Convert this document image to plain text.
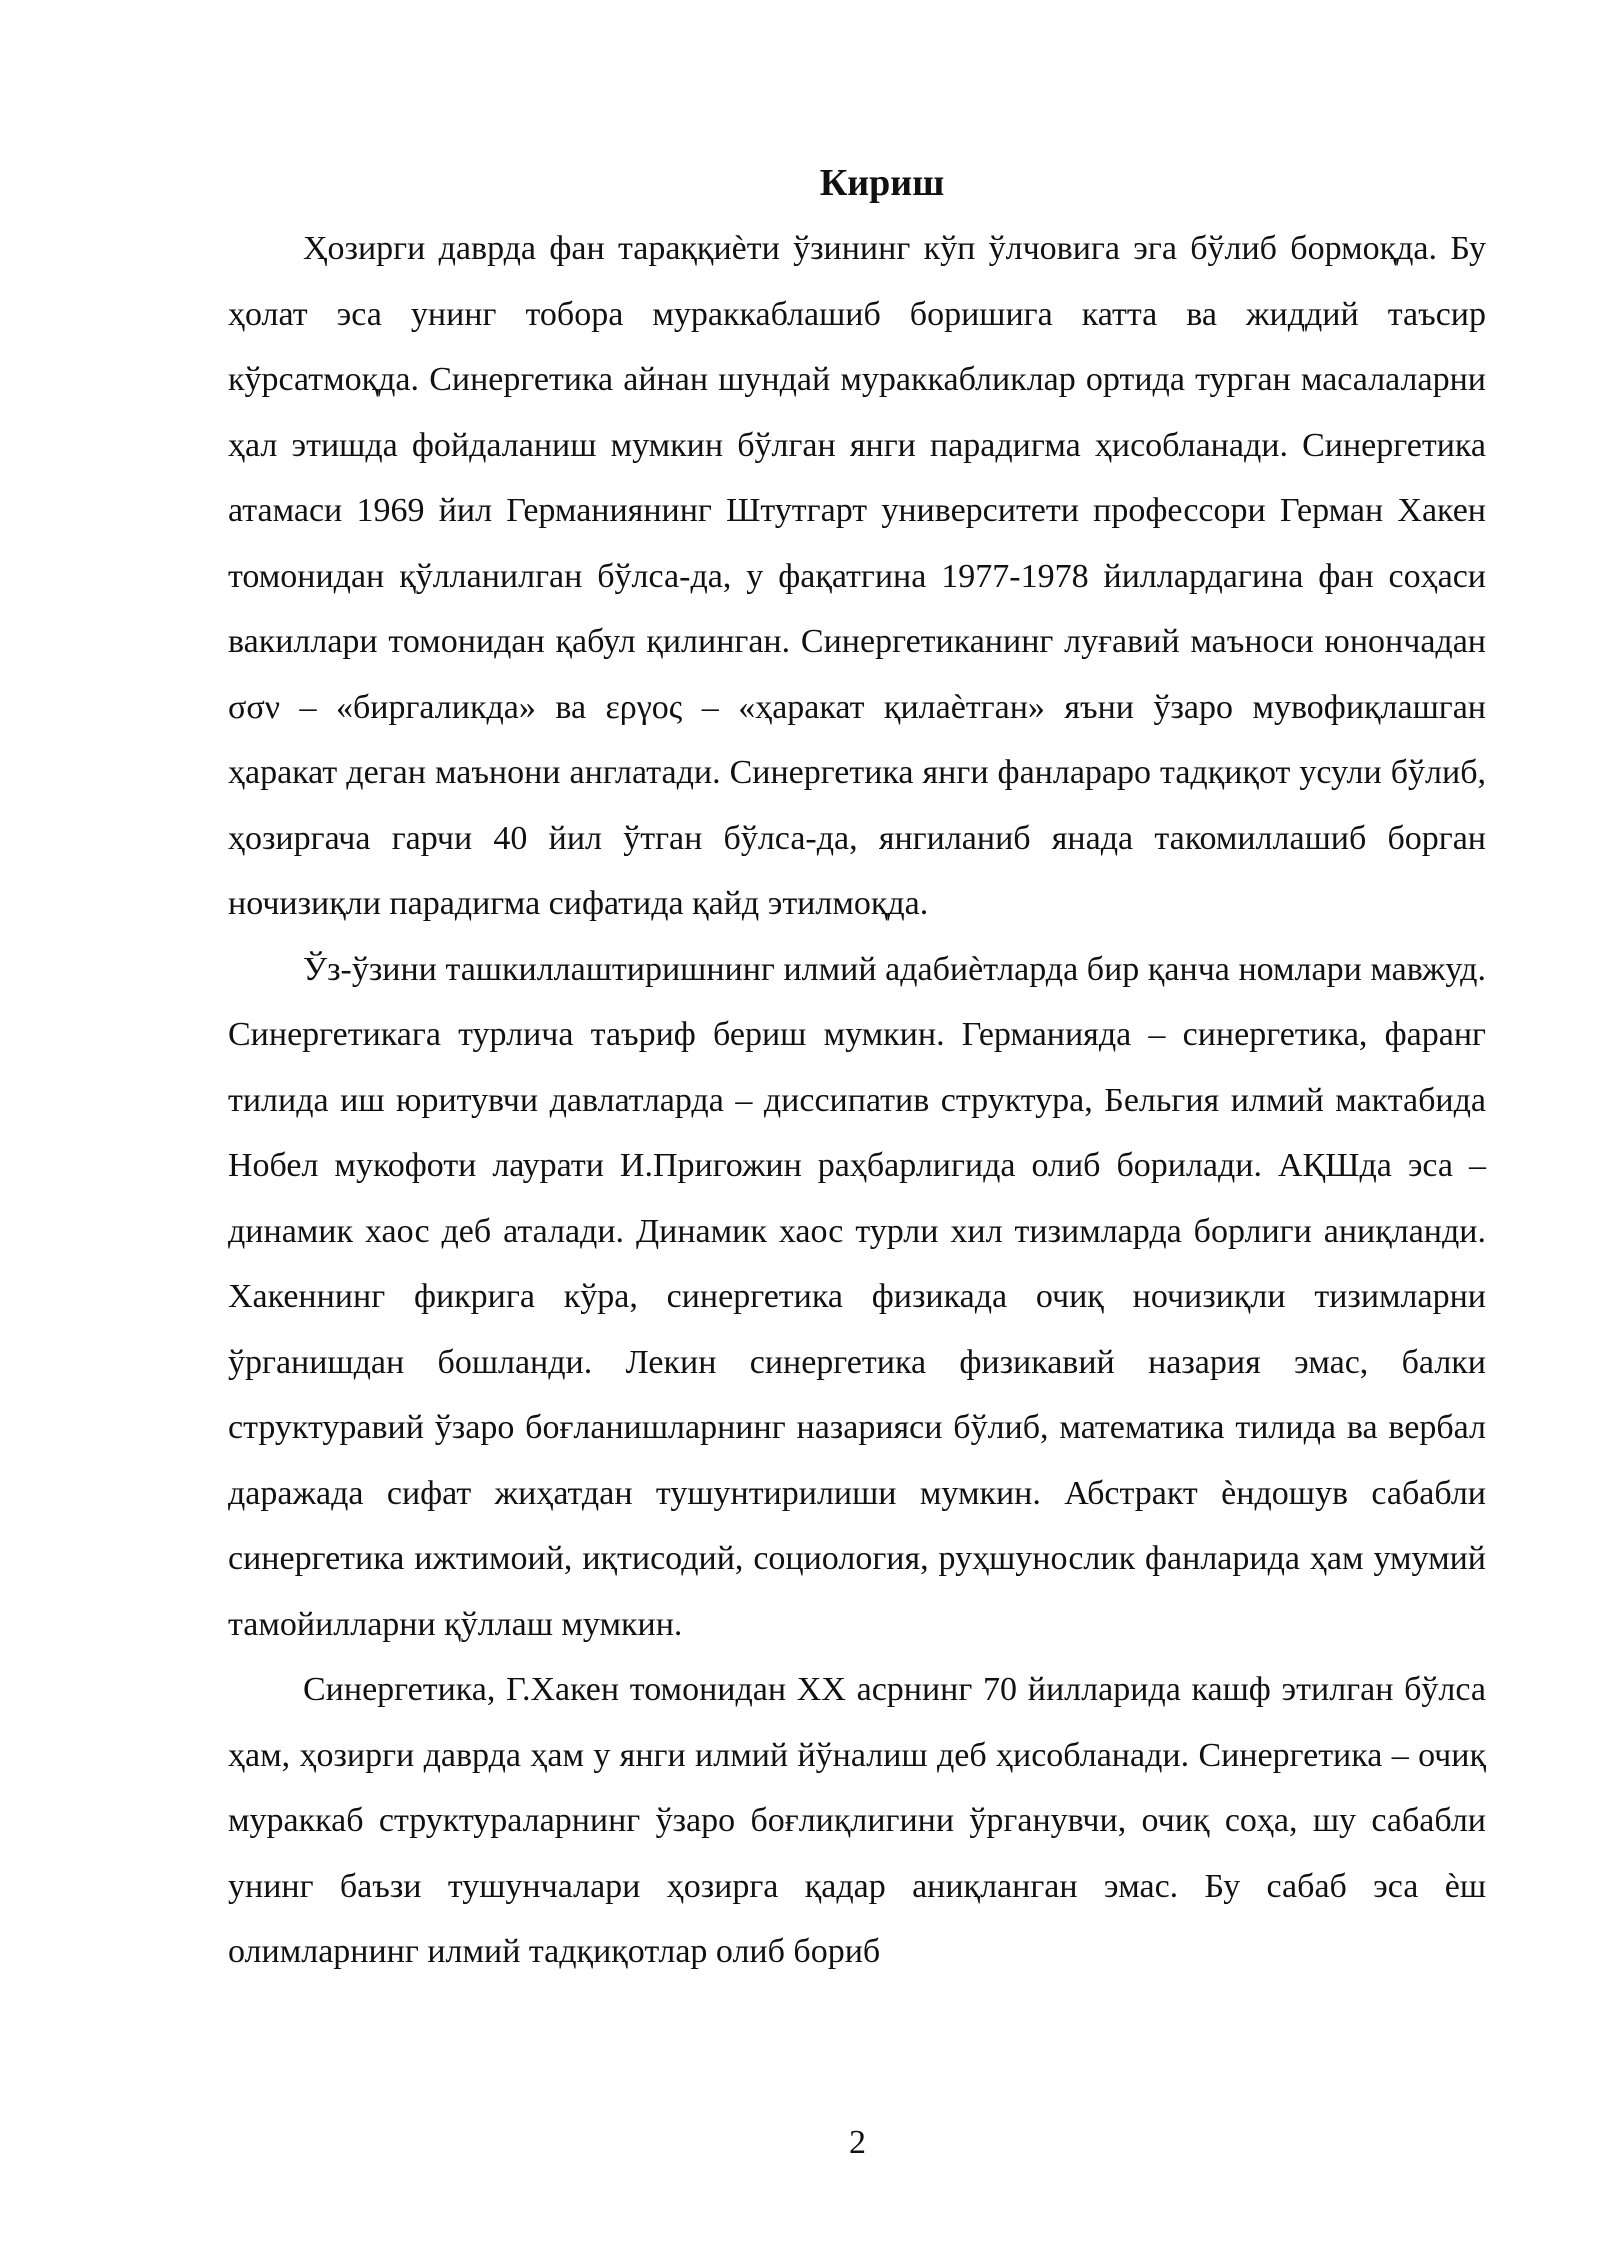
Кириш

Ҳозирги даврда фан тараққиѐти ўзининг кўп ўлчовига эга бўлиб бормоқда. Бу ҳолат эса унинг тобора мураккаблашиб боришига катта ва жиддий таъсир кўрсатмоқда. Синергетика айнан шундай мураккабликлар ортида турган масалаларни ҳал этишда фойдаланиш мумкин бўлган янги парадигма ҳисобланади. Синергетика атамаси 1969 йил Германиянинг Штутгарт университети профессори Герман Хакен томонидан қўлланилган бўлса-да, у фақатгина 1977-1978 йиллардагина фан соҳаси вакиллари томонидан қабул қилинган. Синергетиканинг луғавий маъноси юнончадан σσν – «биргаликда» ва εργος – «ҳаракат қилаѐтган» яъни ўзаро мувофиқлашган ҳаракат деган маънони англатади. Синергетика янги фанлараро тадқиқот усули бўлиб, ҳозиргача гарчи 40 йил ўтган бўлса-да, янгиланиб янада такомиллашиб борган ночизиқли парадигма сифатида қайд этилмоқда.

Ўз-ўзини ташкиллаштиришнинг илмий адабиѐтларда бир қанча номлари мавжуд. Синергетикага турлича таъриф бериш мумкин. Германияда – синергетика, фаранг тилида иш юритувчи давлатларда – диссипатив структура, Бельгия илмий мактабида Нобел мукофоти лаурати И.Пригожин раҳбарлигида олиб борилади. АҚШда эса – динамик хаос деб аталади. Динамик хаос турли хил тизимларда борлиги аниқланди. Хакеннинг фикрига кўра, синергетика физикада очиқ ночизиқли тизимларни ўрганишдан бошланди. Лекин синергетика физикавий назария эмас, балки структуравий ўзаро боғланишларнинг назарияси бўлиб, математика тилида ва вербал даражада сифат жиҳатдан тушунтирилиши мумкин. Абстракт ѐндошув сабабли синергетика ижтимоий, иқтисодий, социология, руҳшунослик фанларида ҳам умумий тамойилларни қўллаш мумкин.

Синергетика, Г.Хакен томонидан XX асрнинг 70 йилларида кашф этилган бўлса ҳам, ҳозирги даврда ҳам у янги илмий йўналиш деб ҳисобланади. Синергетика – очиқ мураккаб структураларнинг ўзаро боғлиқлигини ўрганувчи, очиқ соҳа, шу сабабли унинг баъзи тушунчалари ҳозирга қадар аниқланган эмас. Бу сабаб эса ѐш олимларнинг илмий тадқиқотлар олиб бориб

2
